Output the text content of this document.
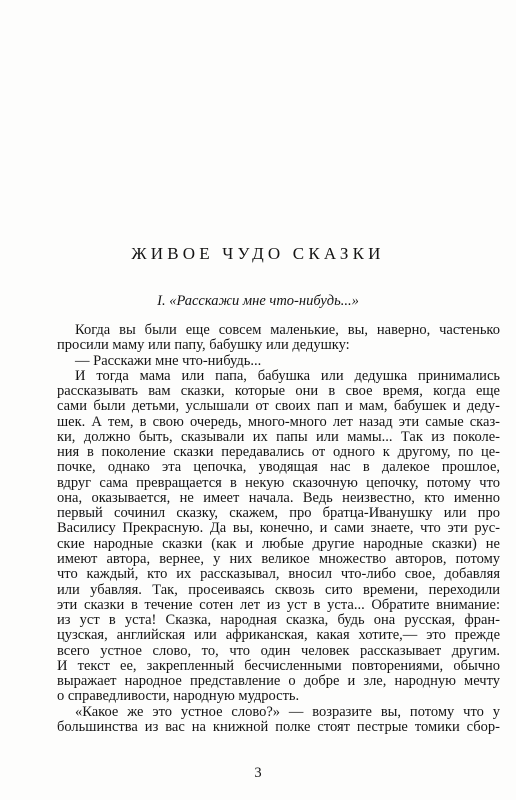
ЖИВОЕ ЧУДО СКАЗКИ
I. «Расскажи мне что-нибудь...»
Когда вы были еще совсем маленькие, вы, наверно, частенько
просили маму или папу, бабушку или дедушку:
— Расскажи мне что-нибудь...
И тогда мама или папа, бабушка или дедушка принимались
рассказывать вам сказки, которые они в свое время, когда еще
сами были детьми, услышали от своих пап и мам, бабушек и деду-
шек. А тем, в свою очередь, много-много лет назад эти самые сказ-
ки, должно быть, сказывали их папы или мамы... Так из поколе-
ния в поколение сказки передавались от одного к другому, по це-
почке, однако эта цепочка, уводящая нас в далекое прошлое,
вдруг сама превращается в некую сказочную цепочку, потому что
она, оказывается, не имеет начала. Ведь неизвестно, кто именно
первый сочинил сказку, скажем, про братца-Иванушку или про
Василису Прекрасную. Да вы, конечно, и сами знаете, что эти рус-
ские народные сказки (как и любые другие народные сказки) не
имеют автора, вернее, у них великое множество авторов, потому
что каждый, кто их рассказывал, вносил что-либо свое, добавляя
или убавляя. Так, просеиваясь сквозь сито времени, переходили
эти сказки в течение сотен лет из уст в уста... Обратите внимание:
из уст в уста! Сказка, народная сказка, будь она русская, фран-
цузская, английская или африканская, какая хотите,— это прежде
всего устное слово, то, что один человек рассказывает другим.
И текст ее, закрепленный бесчисленными повторениями, обычно
выражает народное представление о добре и зле, народную мечту
о справедливости, народную мудрость.
«Какое же это устное слово?» — возразите вы, потому что у
большинства из вас на книжной полке стоят пестрые томики сбор-
3
